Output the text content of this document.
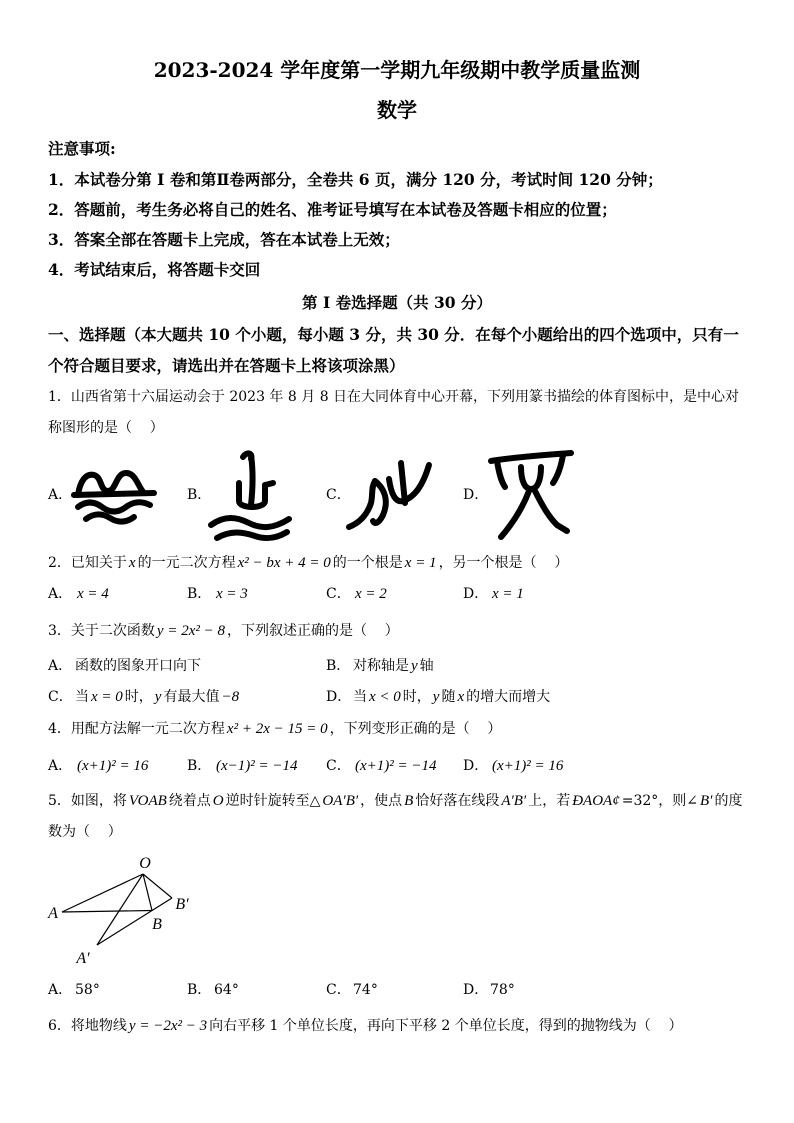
2023-2024 学年度第一学期九年级期中教学质量监测
数学
注意事项:
1．本试卷分第 I 卷和第Ⅱ卷两部分，全卷共 6 页，满分 120 分，考试时间 120 分钟；
2．答题前，考生务必将自己的姓名、准考证号填写在本试卷及答题卡相应的位置；
3．答案全部在答题卡上完成，答在本试卷上无效；
4．考试结束后，将答题卡交回
第 I 卷选择题（共 30 分）
一、选择题（本大题共 10 个小题，每小题 3 分，共 30 分．在每个小题给出的四个选项中，只有一个符合题目要求，请选出并在答题卡上将该项涂黑）
1．山西省第十六届运动会于 2023 年 8 月 8 日在大同体育中心开幕，下列用篆书描绘的体育图标中，是中心对称图形的是（    ）
A．	B．	C．	D．
2．已知关于 x 的一元二次方程 x² − bx + 4 = 0 的一个根是 x = 1 ，另一个根是（    ）
A． x = 4	B． x = 3	C． x = 2	D． x = 1
3．关于二次函数 y = 2x² − 8 ，下列叙述正确的是（    ）
A． 函数的图象开口向下	B． 对称轴是 y 轴
C． 当 x = 0 时， y 有最大值 −8	D． 当 x < 0 时， y 随 x 的增大而增大
4．用配方法解一元二次方程 x² + 2x − 15 = 0 ，下列变形正确的是（    ）
A． (x+1)² = 16	B． (x−1)² = −14 C． (x+1)² = −14 D． (x+1)² = 16
5．如图，将 VOAB 绕着点 O 逆时针旋转至△ OA′B′ ，使点 B 恰好落在线段 A′B′ 上，若 ÐAOA¢ =32°，则∠ B′ 的度数为（    ）
O
A
B′
B
A′
A． 58°	B． 64°	C． 74°	D． 78°
6．将地物线 y = −2x² − 3 向右平移 1 个单位长度，再向下平移 2 个单位长度，得到的抛物线为（    ）
